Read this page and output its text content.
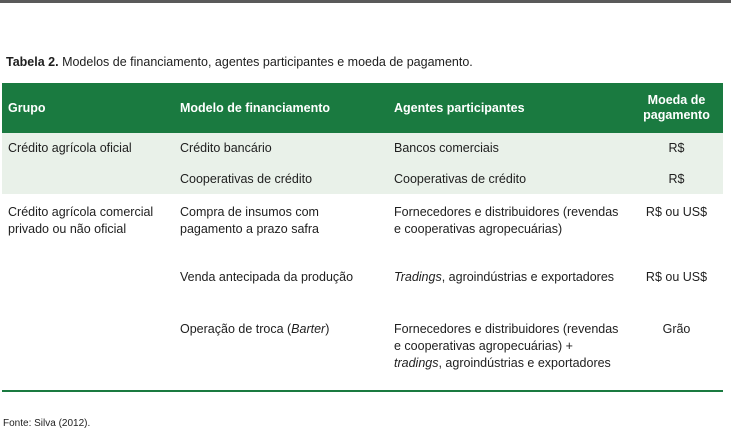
Tabela 2. Modelos de financiamento, agentes participantes e moeda de pagamento.
Grupo	Modelo de financiamento	Agentes participantes	Moeda de pagamento
Crédito agrícola oficial	Crédito bancário	Bancos comerciais	R$
	Cooperativas de crédito	Cooperativas de crédito	R$
Crédito agrícola comercial privado ou não oficial	Compra de insumos com pagamento a prazo safra	Fornecedores e distribuidores (revendas e cooperativas agropecuárias)	R$ ou US$
	Venda antecipada da produção	Tradings, agroindústrias e exportadores	R$ ou US$
	Operação de troca (Barter)	Fornecedores e distribuidores (revendas e cooperativas agropecuárias) + tradings, agroindústrias e exportadores	Grão
Fonte: Silva (2012).
